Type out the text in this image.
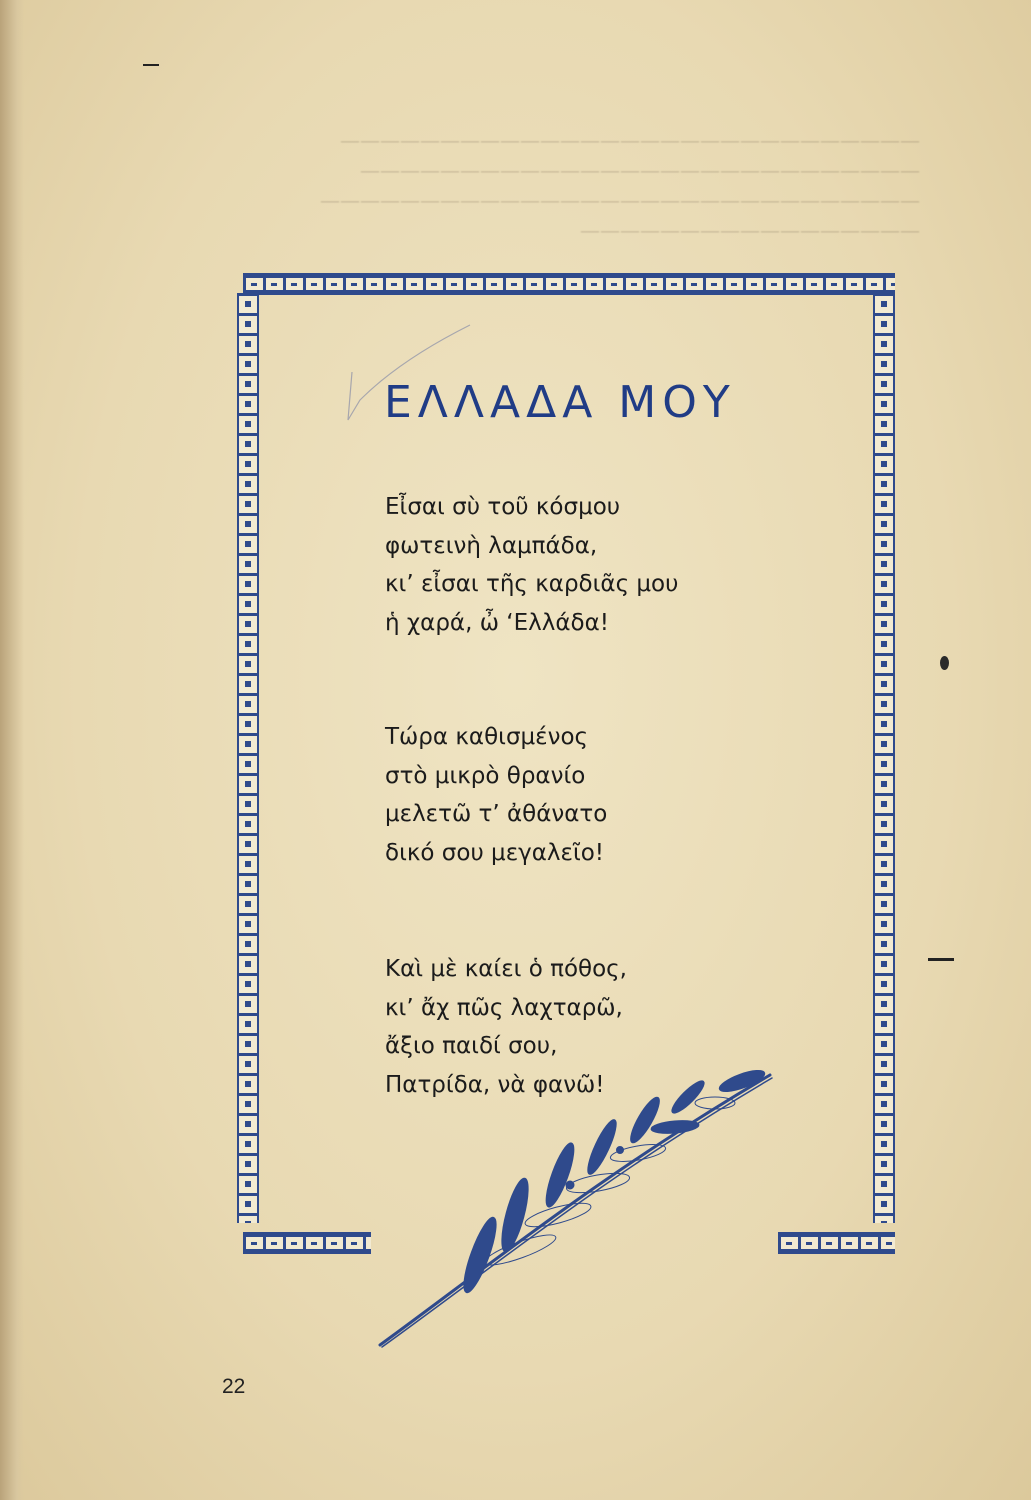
—————————————————————————————
————————————————————————————
——————————————————————————————
—————————————————
ΕΛΛΑΔΑ ΜΟΥ
Εἶσαι σὺ τοῦ κόσμου
φωτεινὴ λαμπάδα,
κι’ εἶσαι τῆς καρδιᾶς μου
ἡ χαρά, ὦ ‘Ελλάδα!
Τώρα καθισμένος
στὸ μικρὸ θρανίο
μελετῶ τ’ ἀθάνατο
δικό σου μεγαλεῖο!
Καὶ μὲ καίει ὁ πόθος,
κι’ ἄχ πῶς λαχταρῶ,
ἄξιο παιδί σου,
Πατρίδα, νὰ φανῶ!
22
